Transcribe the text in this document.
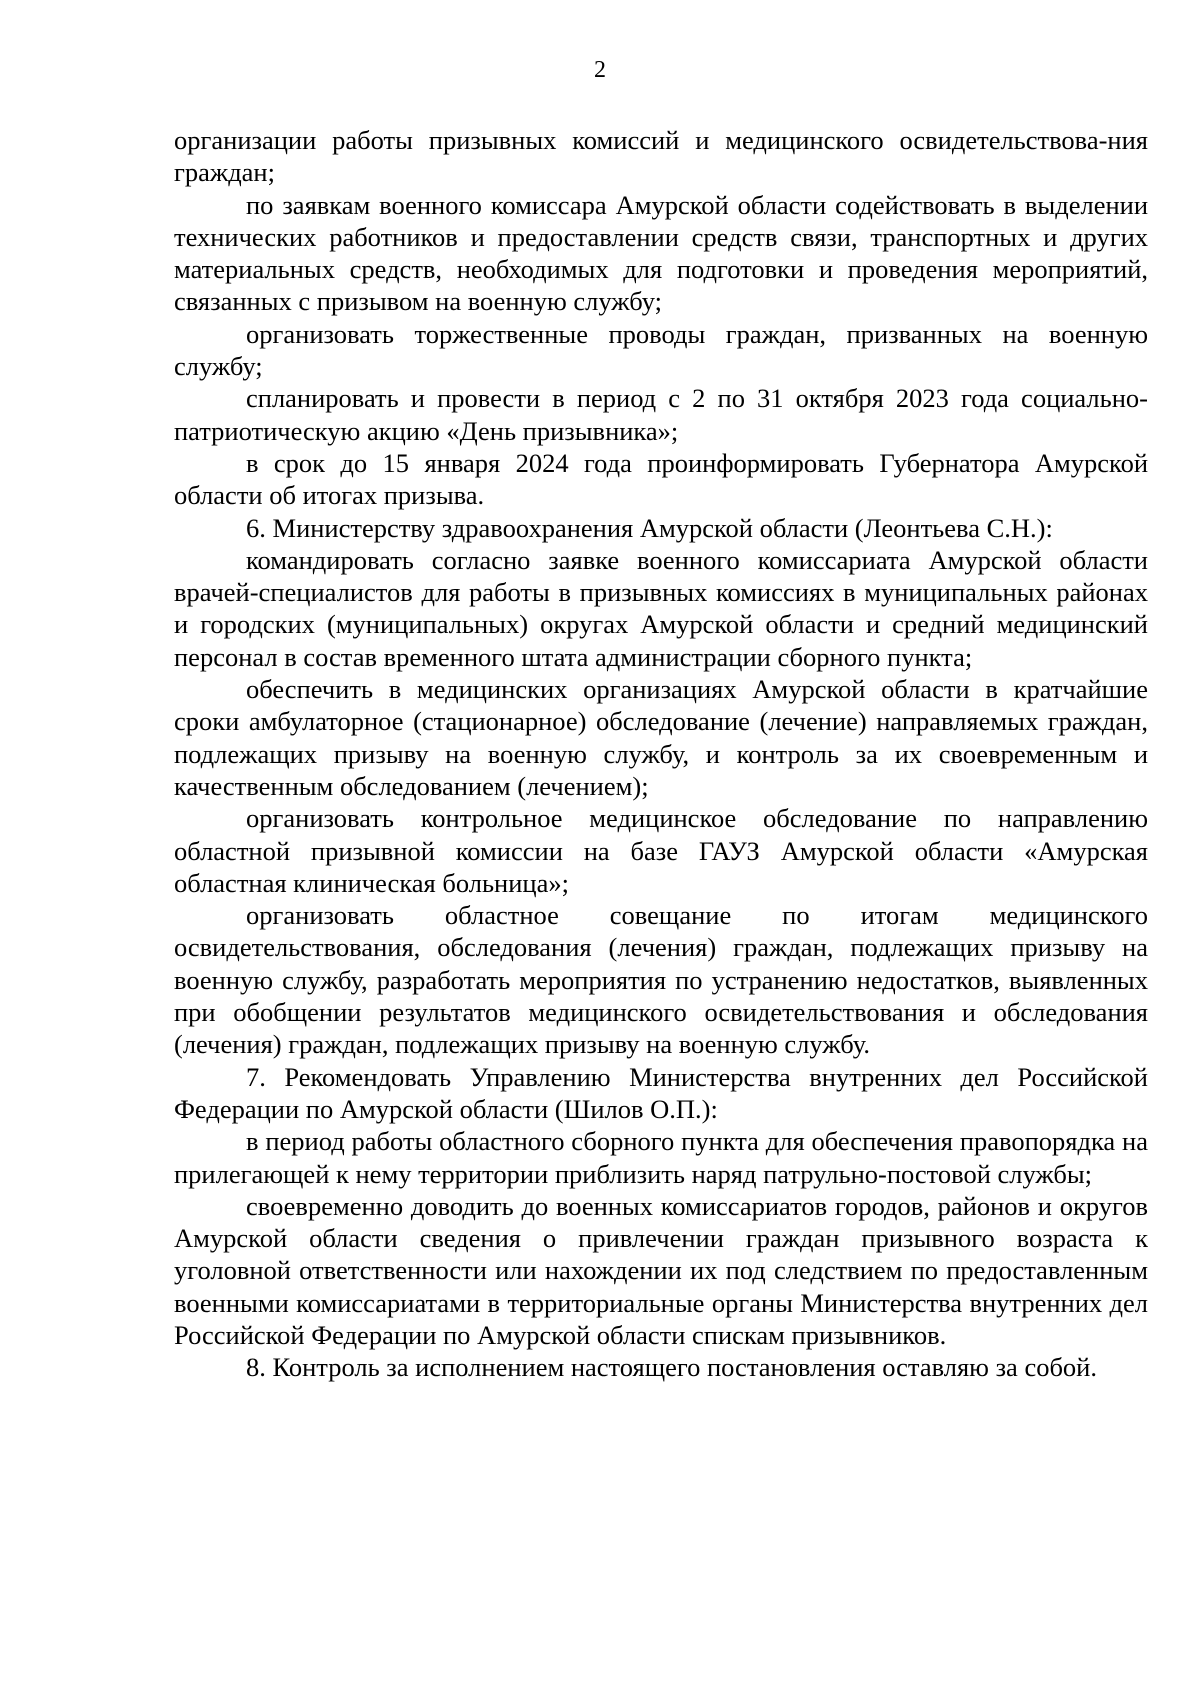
2

организации работы призывных комиссий и медицинского освидетельствова-ния граждан;

по заявкам военного комиссара Амурской области содействовать в выделении технических работников и предоставлении средств связи, транспортных и других материальных средств, необходимых для подготовки и проведения мероприятий, связанных с призывом на военную службу;

организовать торжественные проводы граждан, призванных на военную службу;

спланировать и провести в период с 2 по 31 октября 2023 года социально-патриотическую акцию «День призывника»;

в срок до 15 января 2024 года проинформировать Губернатора Амурской области об итогах призыва.

6. Министерству здравоохранения Амурской области (Леонтьева С.Н.):

командировать согласно заявке военного комиссариата Амурской области врачей-специалистов для работы в призывных комиссиях в муниципальных районах и городских (муниципальных) округах Амурской области и средний медицинский персонал в состав временного штата администрации сборного пункта;

обеспечить в медицинских организациях Амурской области в кратчайшие сроки амбулаторное (стационарное) обследование (лечение) направляемых граждан, подлежащих призыву на военную службу, и контроль за их своевременным и качественным обследованием (лечением);

организовать контрольное медицинское обследование по направлению областной призывной комиссии на базе ГАУЗ Амурской области «Амурская областная клиническая больница»;

организовать областное совещание по итогам медицинского освидетельствования, обследования (лечения) граждан, подлежащих призыву на военную службу, разработать мероприятия по устранению недостатков, выявленных при обобщении результатов медицинского освидетельствования и обследования (лечения) граждан, подлежащих призыву на военную службу.

7. Рекомендовать Управлению Министерства внутренних дел Российской Федерации по Амурской области (Шилов О.П.):

в период работы областного сборного пункта для обеспечения правопорядка на прилегающей к нему территории приблизить наряд патрульно-постовой службы;

своевременно доводить до военных комиссариатов городов, районов и округов Амурской области сведения о привлечении граждан призывного возраста к уголовной ответственности или нахождении их под следствием по предоставленным военными комиссариатами в территориальные органы Министерства внутренних дел Российской Федерации по Амурской области спискам призывников.

8. Контроль за исполнением настоящего постановления оставляю за собой.
